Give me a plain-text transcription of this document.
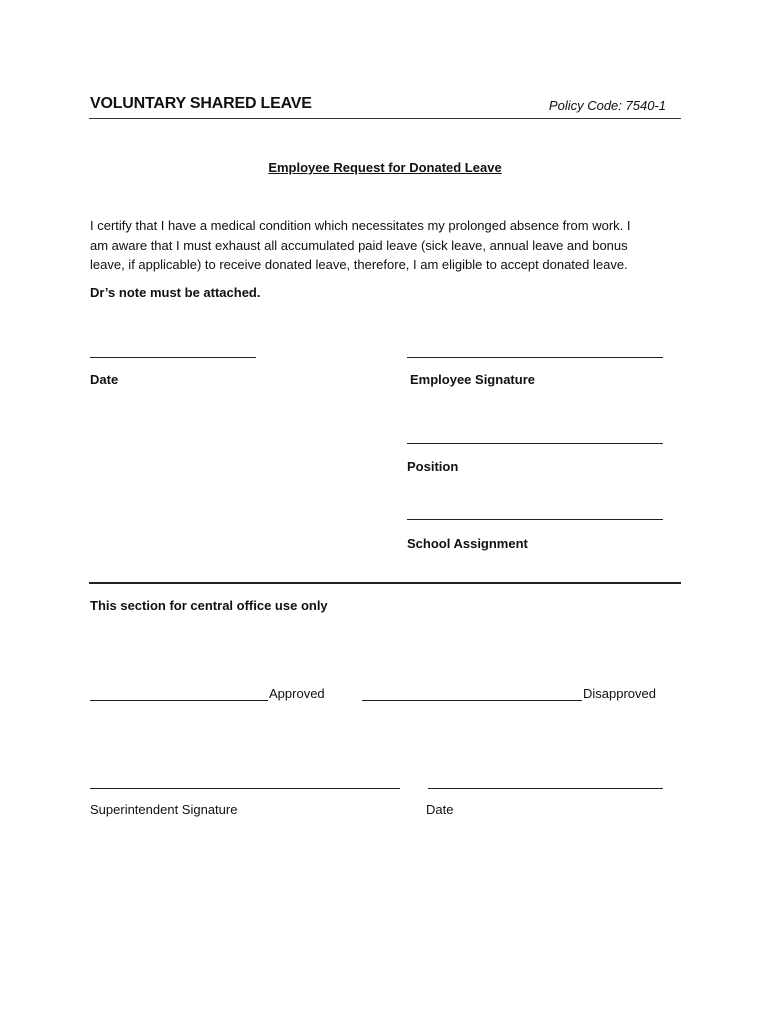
VOLUNTARY SHARED LEAVE	Policy Code: 7540-1
Employee Request for Donated Leave
I certify that I have a medical condition which necessitates my prolonged absence from work. I am aware that I must exhaust all accumulated paid leave (sick leave, annual leave and bonus leave, if applicable) to receive donated leave, therefore, I am eligible to accept donated leave.
Dr’s note must be attached.
Date	Employee Signature
Position
School Assignment
This section for central office use only
Approved	Disapproved
Superintendent Signature	Date
